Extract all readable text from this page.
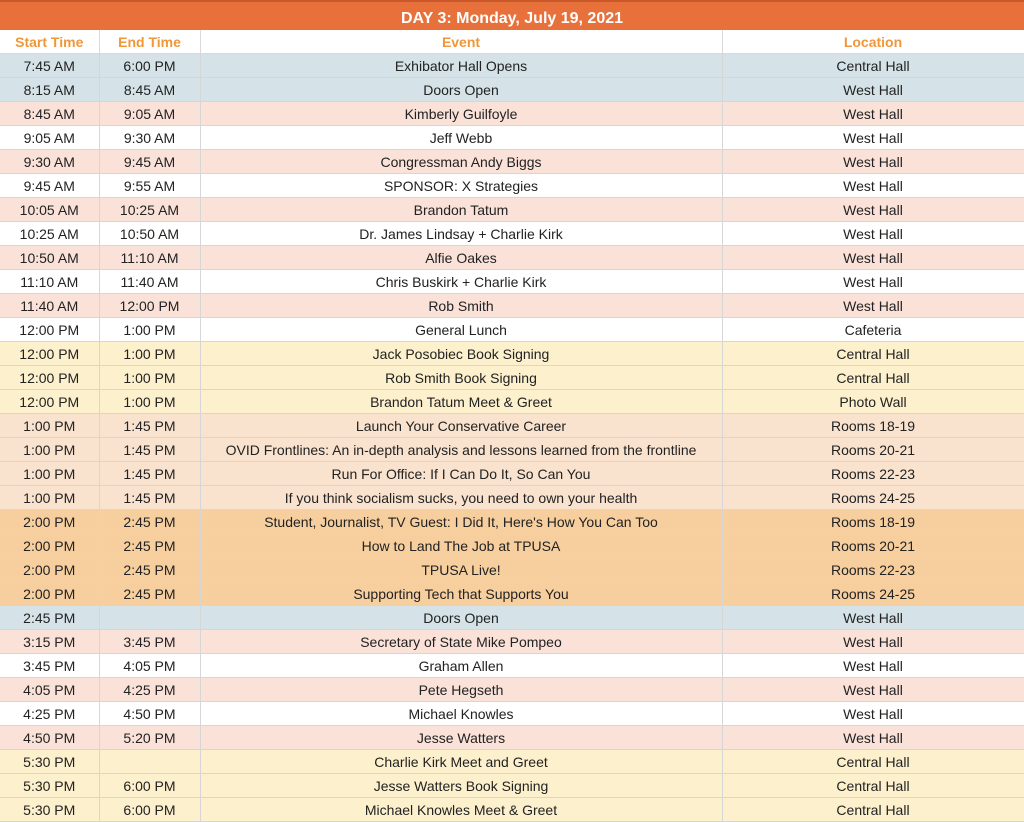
DAY 3: Monday, July 19, 2021
Start Time	End Time	Event	Location
7:45 AM	6:00 PM	Exhibator Hall Opens	Central Hall
8:15 AM	8:45 AM	Doors Open	West Hall
8:45 AM	9:05 AM	Kimberly Guilfoyle	West Hall
9:05 AM	9:30 AM	Jeff Webb	West Hall
9:30 AM	9:45 AM	Congressman Andy Biggs	West Hall
9:45 AM	9:55 AM	SPONSOR: X Strategies	West Hall
10:05 AM	10:25 AM	Brandon Tatum	West Hall
10:25 AM	10:50 AM	Dr. James Lindsay + Charlie Kirk	West Hall
10:50 AM	11:10 AM	Alfie Oakes	West Hall
11:10 AM	11:40 AM	Chris Buskirk + Charlie Kirk	West Hall
11:40 AM	12:00 PM	Rob Smith	West Hall
12:00 PM	1:00 PM	General Lunch	Cafeteria
12:00 PM	1:00 PM	Jack Posobiec Book Signing	Central Hall
12:00 PM	1:00 PM	Rob Smith Book Signing	Central Hall
12:00 PM	1:00 PM	Brandon Tatum Meet & Greet	Photo Wall
1:00 PM	1:45 PM	Launch Your Conservative Career	Rooms 18-19
1:00 PM	1:45 PM	OVID Frontlines: An in-depth analysis and lessons learned from the frontline	Rooms 20-21
1:00 PM	1:45 PM	Run For Office: If I Can Do It, So Can You	Rooms 22-23
1:00 PM	1:45 PM	If you think socialism sucks, you need to own your health	Rooms 24-25
2:00 PM	2:45 PM	Student, Journalist, TV Guest: I Did It, Here's How You Can Too	Rooms 18-19
2:00 PM	2:45 PM	How to Land The Job at TPUSA	Rooms 20-21
2:00 PM	2:45 PM	TPUSA Live!	Rooms 22-23
2:00 PM	2:45 PM	Supporting Tech that Supports You	Rooms 24-25
2:45 PM		Doors Open	West Hall
3:15 PM	3:45 PM	Secretary of State Mike Pompeo	West Hall
3:45 PM	4:05 PM	Graham Allen	West Hall
4:05 PM	4:25 PM	Pete Hegseth	West Hall
4:25 PM	4:50 PM	Michael Knowles	West Hall
4:50 PM	5:20 PM	Jesse Watters	West Hall
5:30 PM		Charlie Kirk Meet and Greet	Central Hall
5:30 PM	6:00 PM	Jesse Watters Book Signing	Central Hall
5:30 PM	6:00 PM	Michael Knowles Meet & Greet	Central Hall
